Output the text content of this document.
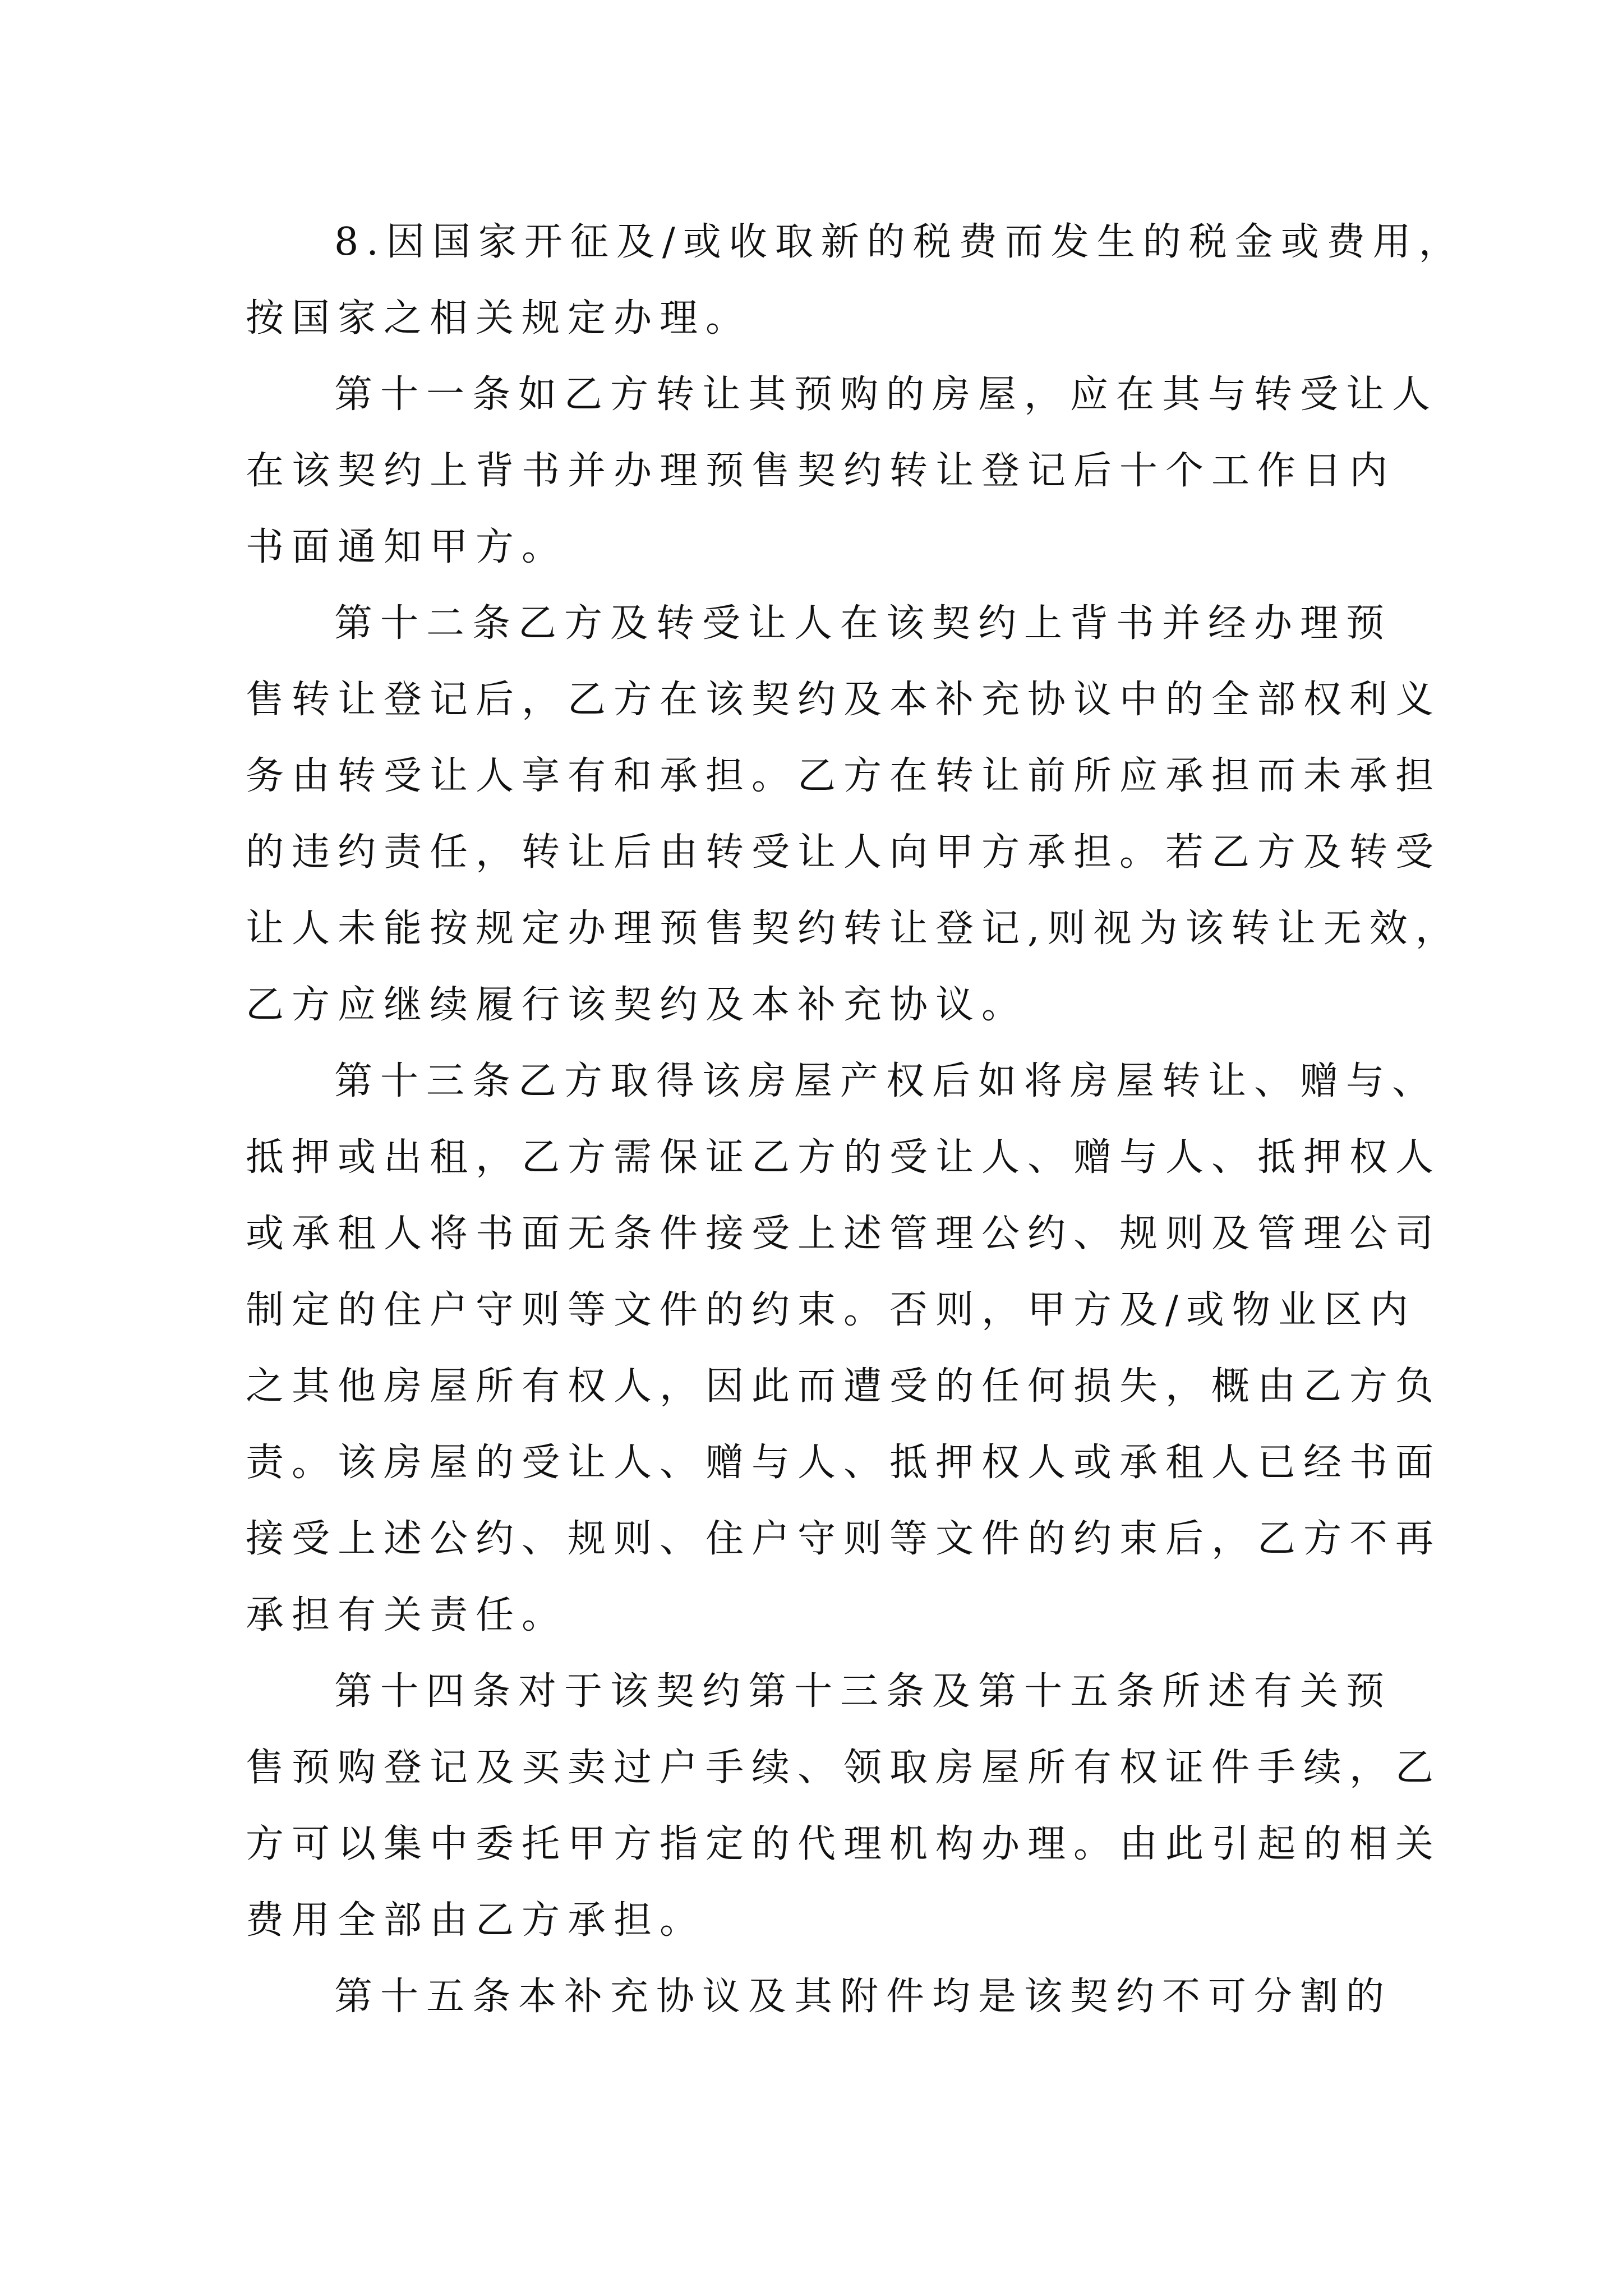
8.因国家开征及/或收取新的税费而发生的税金或费用，
按国家之相关规定办理。
第十一条如乙方转让其预购的房屋，应在其与转受让人
在该契约上背书并办理预售契约转让登记后十个工作日内
书面通知甲方。
第十二条乙方及转受让人在该契约上背书并经办理预
售转让登记后，乙方在该契约及本补充协议中的全部权利义
务由转受让人享有和承担。乙方在转让前所应承担而未承担
的违约责任，转让后由转受让人向甲方承担。若乙方及转受
让人未能按规定办理预售契约转让登记,则视为该转让无效，
乙方应继续履行该契约及本补充协议。
第十三条乙方取得该房屋产权后如将房屋转让、赠与、
抵押或出租，乙方需保证乙方的受让人、赠与人、抵押权人
或承租人将书面无条件接受上述管理公约、规则及管理公司
制定的住户守则等文件的约束。否则，甲方及/或物业区内
之其他房屋所有权人，因此而遭受的任何损失，概由乙方负
责。该房屋的受让人、赠与人、抵押权人或承租人已经书面
接受上述公约、规则、住户守则等文件的约束后，乙方不再
承担有关责任。
第十四条对于该契约第十三条及第十五条所述有关预
售预购登记及买卖过户手续、领取房屋所有权证件手续，乙
方可以集中委托甲方指定的代理机构办理。由此引起的相关
费用全部由乙方承担。
第十五条本补充协议及其附件均是该契约不可分割的
